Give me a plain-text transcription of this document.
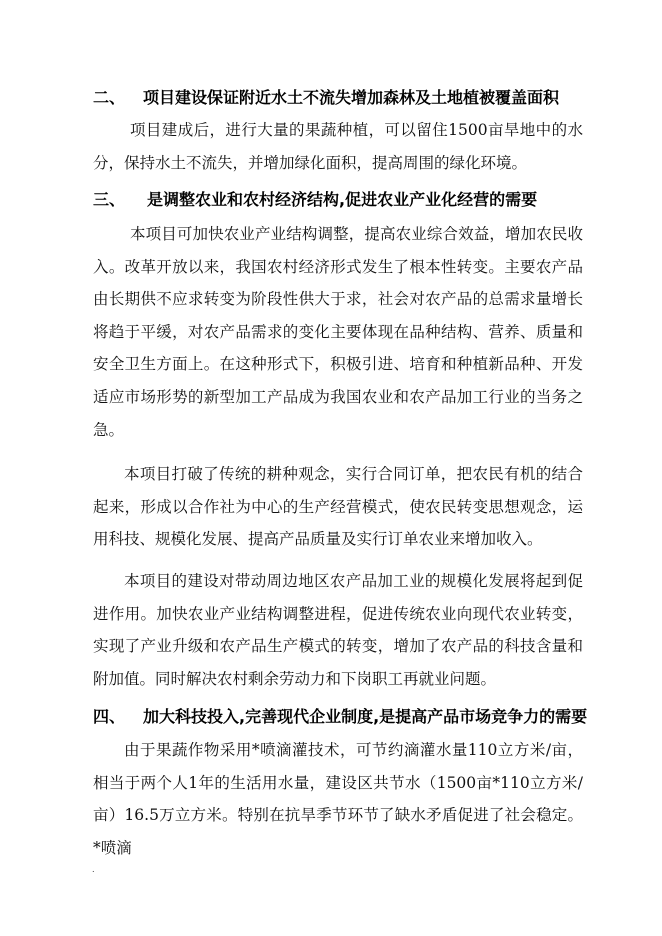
二、 项目建设保证附近水土不流失增加森林及土地植被覆盖面积

项目建成后，进行大量的果蔬种植，可以留住1500亩旱地中的水分，保持水土不流失，并增加绿化面积，提高周围的绿化环境。

三、 是调整农业和农村经济结构,促进农业产业化经营的需要

本项目可加快农业产业结构调整，提高农业综合效益，增加农民收入。改革开放以来，我国农村经济形式发生了根本性转变。主要农产品由长期供不应求转变为阶段性供大于求，社会对农产品的总需求量增长将趋于平缓，对农产品需求的变化主要体现在品种结构、营养、质量和安全卫生方面上。在这种形式下，积极引进、培育和种植新品种、开发适应市场形势的新型加工产品成为我国农业和农产品加工行业的当务之急。

本项目打破了传统的耕种观念，实行合同订单，把农民有机的结合起来，形成以合作社为中心的生产经营模式，使农民转变思想观念，运用科技、规模化发展、提高产品质量及实行订单农业来增加收入。

本项目的建设对带动周边地区农产品加工业的规模化发展将起到促进作用。加快农业产业结构调整进程，促进传统农业向现代农业转变，实现了产业升级和农产品生产模式的转变，增加了农产品的科技含量和附加值。同时解决农村剩余劳动力和下岗职工再就业问题。

四、 加大科技投入,完善现代企业制度,是提高产品市场竞争力的需要

由于果蔬作物采用*喷滴灌技术，可节约滴灌水量110立方米/亩，相当于两个人1年的生活用水量，建设区共节水（1500亩*110立方米/亩）16.5万立方米。特别在抗旱季节环节了缺水矛盾促进了社会稳定。*喷滴

.
